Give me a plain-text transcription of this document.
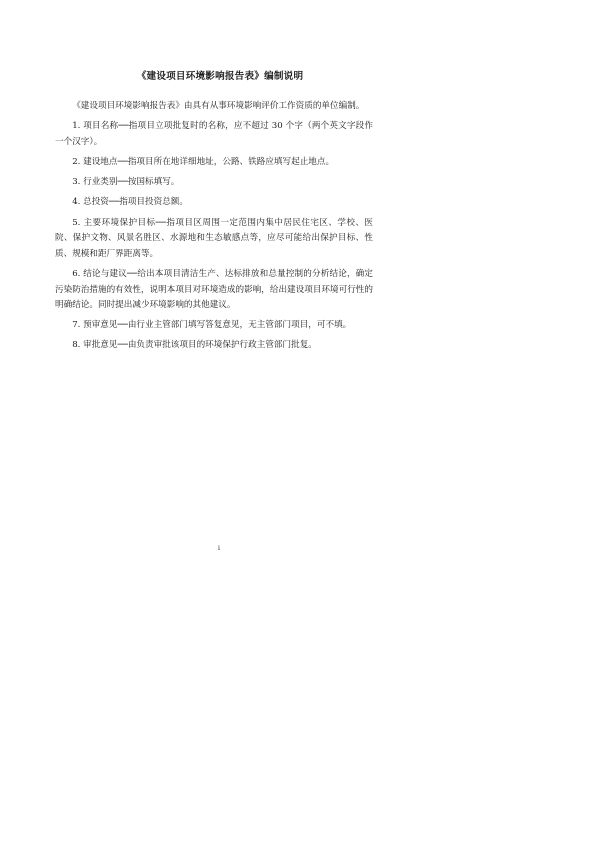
《建设项目环境影响报告表》编制说明

《建设项目环境影响报告表》由具有从事环境影响评价工作资质的单位编制。

1. 项目名称──指项目立项批复时的名称，应不超过 30 个字（两个英文字段作一个汉字）。

2. 建设地点──指项目所在地详细地址，公路、铁路应填写起止地点。

3. 行业类别──按国标填写。

4. 总投资──指项目投资总额。

5. 主要环境保护目标──指项目区周围一定范围内集中居民住宅区、学校、医院、保护文物、风景名胜区、水源地和生态敏感点等，应尽可能给出保护目标、性质、规模和距厂界距离等。

6. 结论与建议──给出本项目清洁生产、达标排放和总量控制的分析结论，确定污染防治措施的有效性，说明本项目对环境造成的影响，给出建设项目环境可行性的明确结论。同时提出减少环境影响的其他建议。

7. 预审意见──由行业主管部门填写答复意见，无主管部门项目，可不填。

8. 审批意见──由负责审批该项目的环境保护行政主管部门批复。

i
